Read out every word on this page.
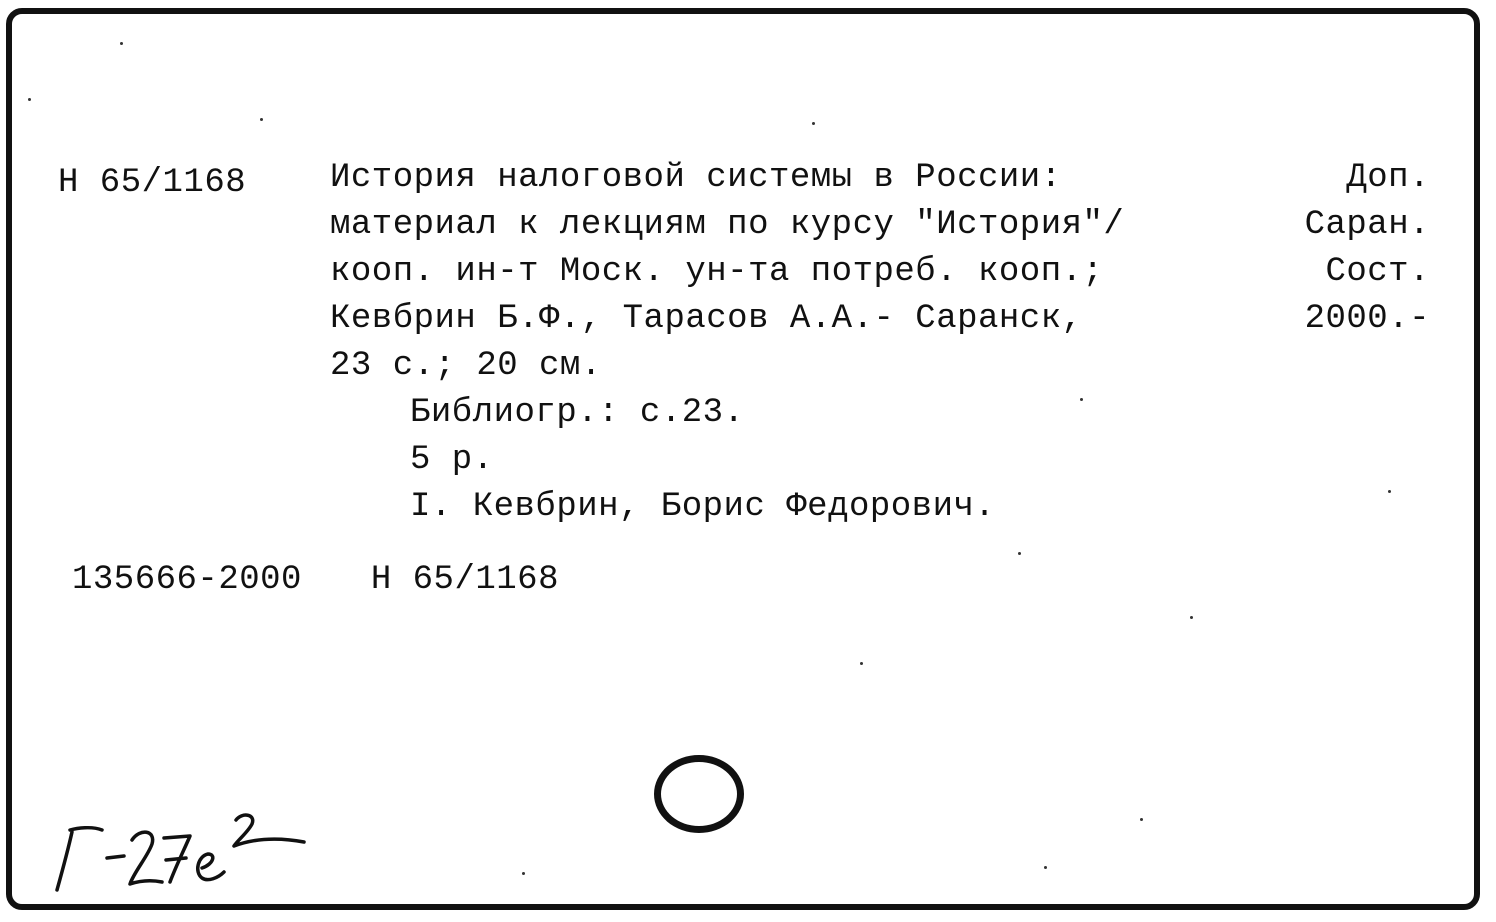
Н 65/1168 История налоговой системы в России:	Доп.
материал к лекциям по курсу "История"/	Саран.
кооп. ин-т Моск. ун-та потреб. кооп.;	Сост.
Кевбрин Б.Ф., Тарасов А.А.- Саранск,	2000.-
23 с.; 20 см.
Библиогр.: с.23.
5 р.
I. Кевбрин, Борис Федорович.
135666-2000 Н 65/1168
